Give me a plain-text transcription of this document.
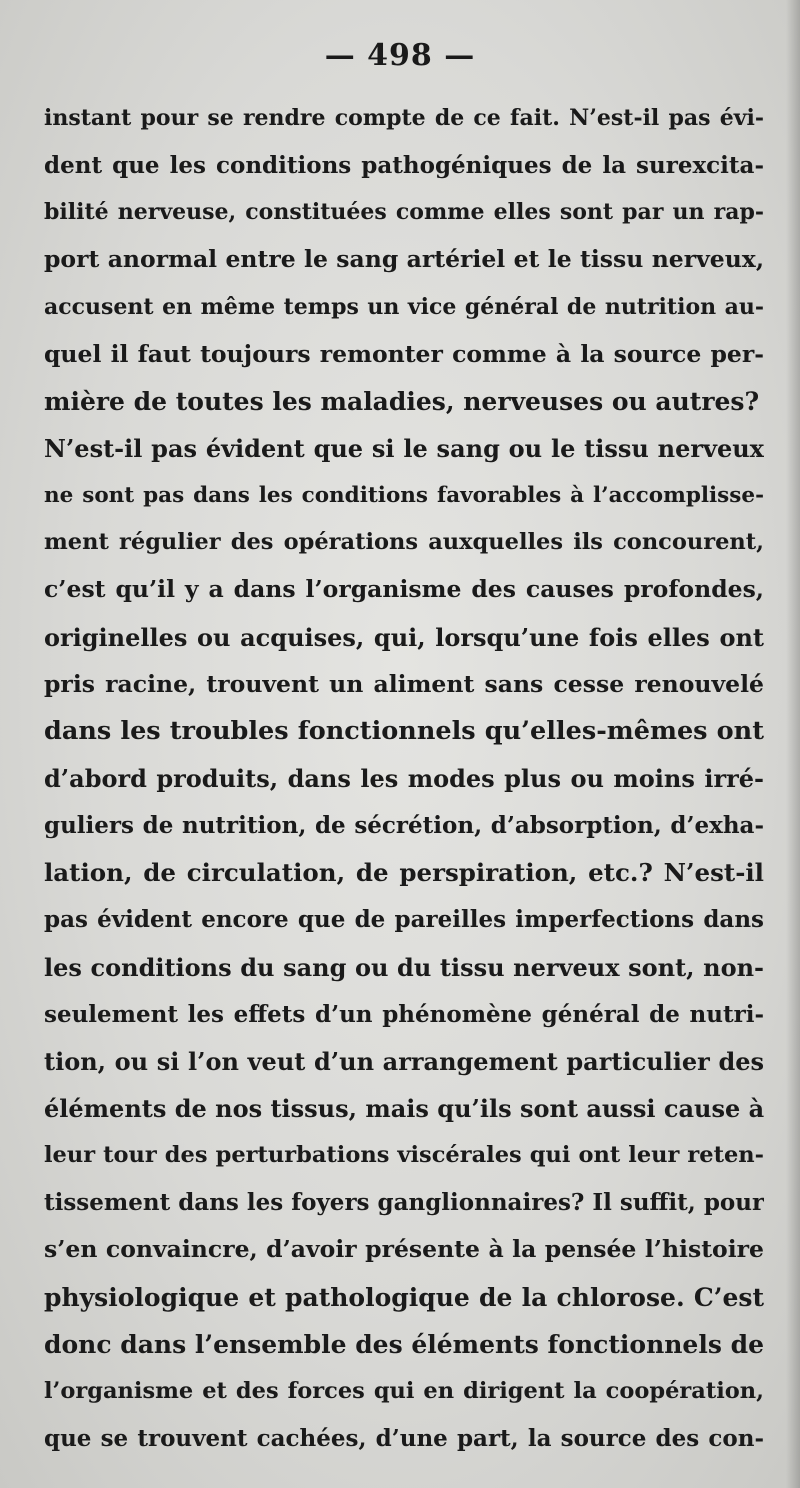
— 498 —
instant pour se rendre compte de ce fait. N’est-il pas évi-
dent que les conditions pathogéniques de la surexcita-
bilité nerveuse, constituées comme elles sont par un rap-
port anormal entre le sang artériel et le tissu nerveux,
accusent en même temps un vice général de nutrition au-
quel il faut toujours remonter comme à la source per-
mière de toutes les maladies, nerveuses ou autres?
N’est-il pas évident que si le sang ou le tissu nerveux
ne sont pas dans les conditions favorables à l’accomplisse-
ment régulier des opérations auxquelles ils concourent,
c’est qu’il y a dans l’organisme des causes profondes,
originelles ou acquises, qui, lorsqu’une fois elles ont
pris racine, trouvent un aliment sans cesse renouvelé
dans les troubles fonctionnels qu’elles-mêmes ont
d’abord produits, dans les modes plus ou moins irré-
guliers de nutrition, de sécrétion, d’absorption, d’exha-
lation, de circulation, de perspiration, etc.? N’est-il
pas évident encore que de pareilles imperfections dans
les conditions du sang ou du tissu nerveux sont, non-
seulement les effets d’un phénomène général de nutri-
tion, ou si l’on veut d’un arrangement particulier des
éléments de nos tissus, mais qu’ils sont aussi cause à
leur tour des perturbations viscérales qui ont leur reten-
tissement dans les foyers ganglionnaires? Il suffit, pour
s’en convaincre, d’avoir présente à la pensée l’histoire
physiologique et pathologique de la chlorose. C’est
donc dans l’ensemble des éléments fonctionnels de
l’organisme et des forces qui en dirigent la coopération,
que se trouvent cachées, d’une part, la source des con-
